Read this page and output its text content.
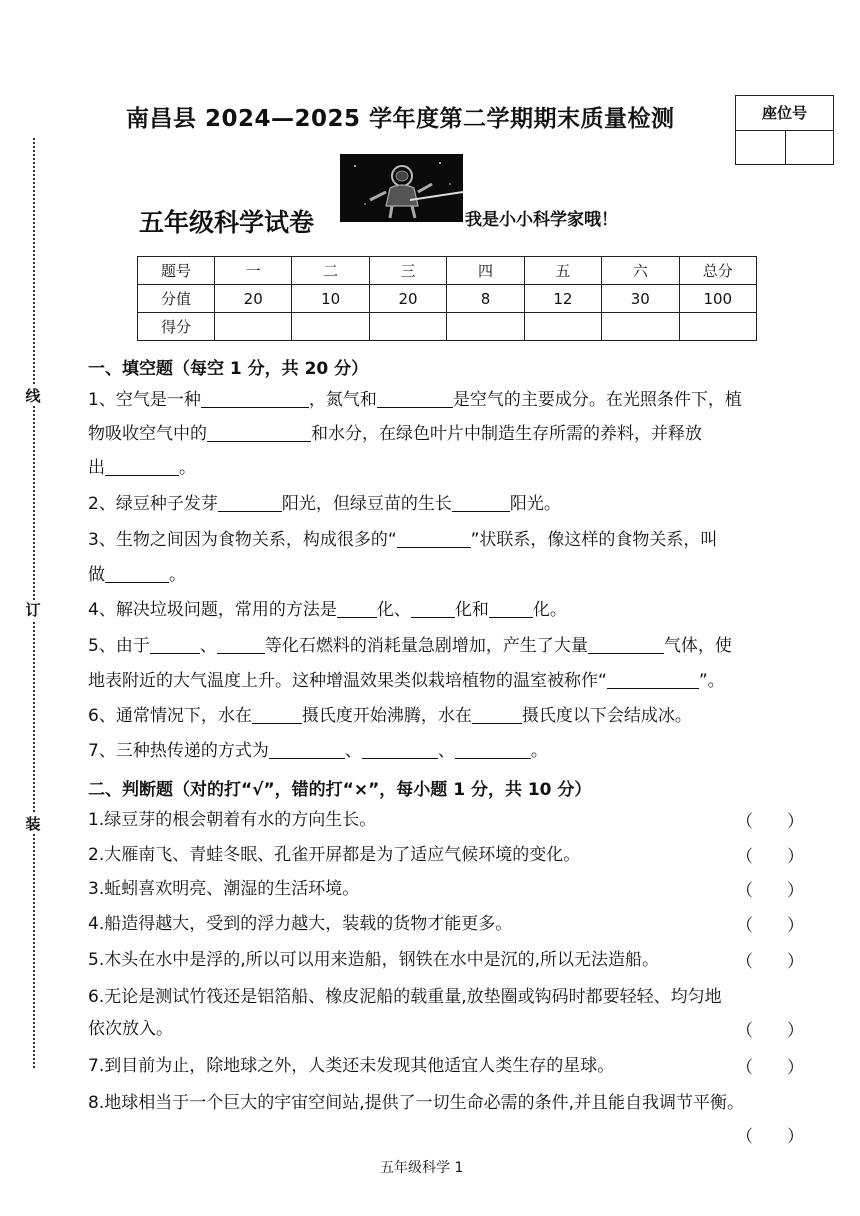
线
订
装
南昌县 2024—2025 学年度第二学期期末质量检测	座位号
五年级科学试卷	我是小小科学家哦！
题号	一	二	三	四	五	六	总分
分值	20	10	20	8	12	30	100
得分							
一、填空题（每空 1 分，共 20 分）
1、空气是一种	，氮气和	是空气的主要成分。在光照条件下，植
物吸收空气中的	和水分，在绿色叶片中制造生存所需的养料，并释放
出	。
2、绿豆种子发芽	阳光，但绿豆苗的生长	阳光。
3、生物之间因为食物关系，构成很多的“	”状联系，像这样的食物关系，叫
做	。
4、解决垃圾问题，常用的方法是 化、	化和	化。
5、由于	、	等化石燃料的消耗量急剧增加，产生了大量	气体，使
地表附近的大气温度上升。这种增温效果类似栽培植物的温室被称作“	”。
6、通常情况下，水在	摄氏度开始沸腾，水在	摄氏度以下会结成冰。
7、三种热传递的方式为	、	、	。
二、判断题（对的打“√”，错的打“×”，每小题 1 分，共 10 分）
1.绿豆芽的根会朝着有水的方向生长。	（ ）
2.大雁南飞、青蛙冬眠、孔雀开屏都是为了适应气候环境的变化。	（ ）
3.蚯蚓喜欢明亮、潮湿的生活环境。	（ ）
4.船造得越大，受到的浮力越大，装载的货物才能更多。	（ ）
5.木头在水中是浮的,所以可以用来造船，钢铁在水中是沉的,所以无法造船。	（ ）
6.无论是测试竹筏还是铝箔船、橡皮泥船的载重量,放垫圈或钩码时都要轻轻、均匀地
依次放入。	（ ）
7.到目前为止，除地球之外，人类还未发现其他适宜人类生存的星球。	（ ）
8.地球相当于一个巨大的宇宙空间站,提供了一切生命必需的条件,并且能自我调节平衡。
（ ）
五年级科学 1
